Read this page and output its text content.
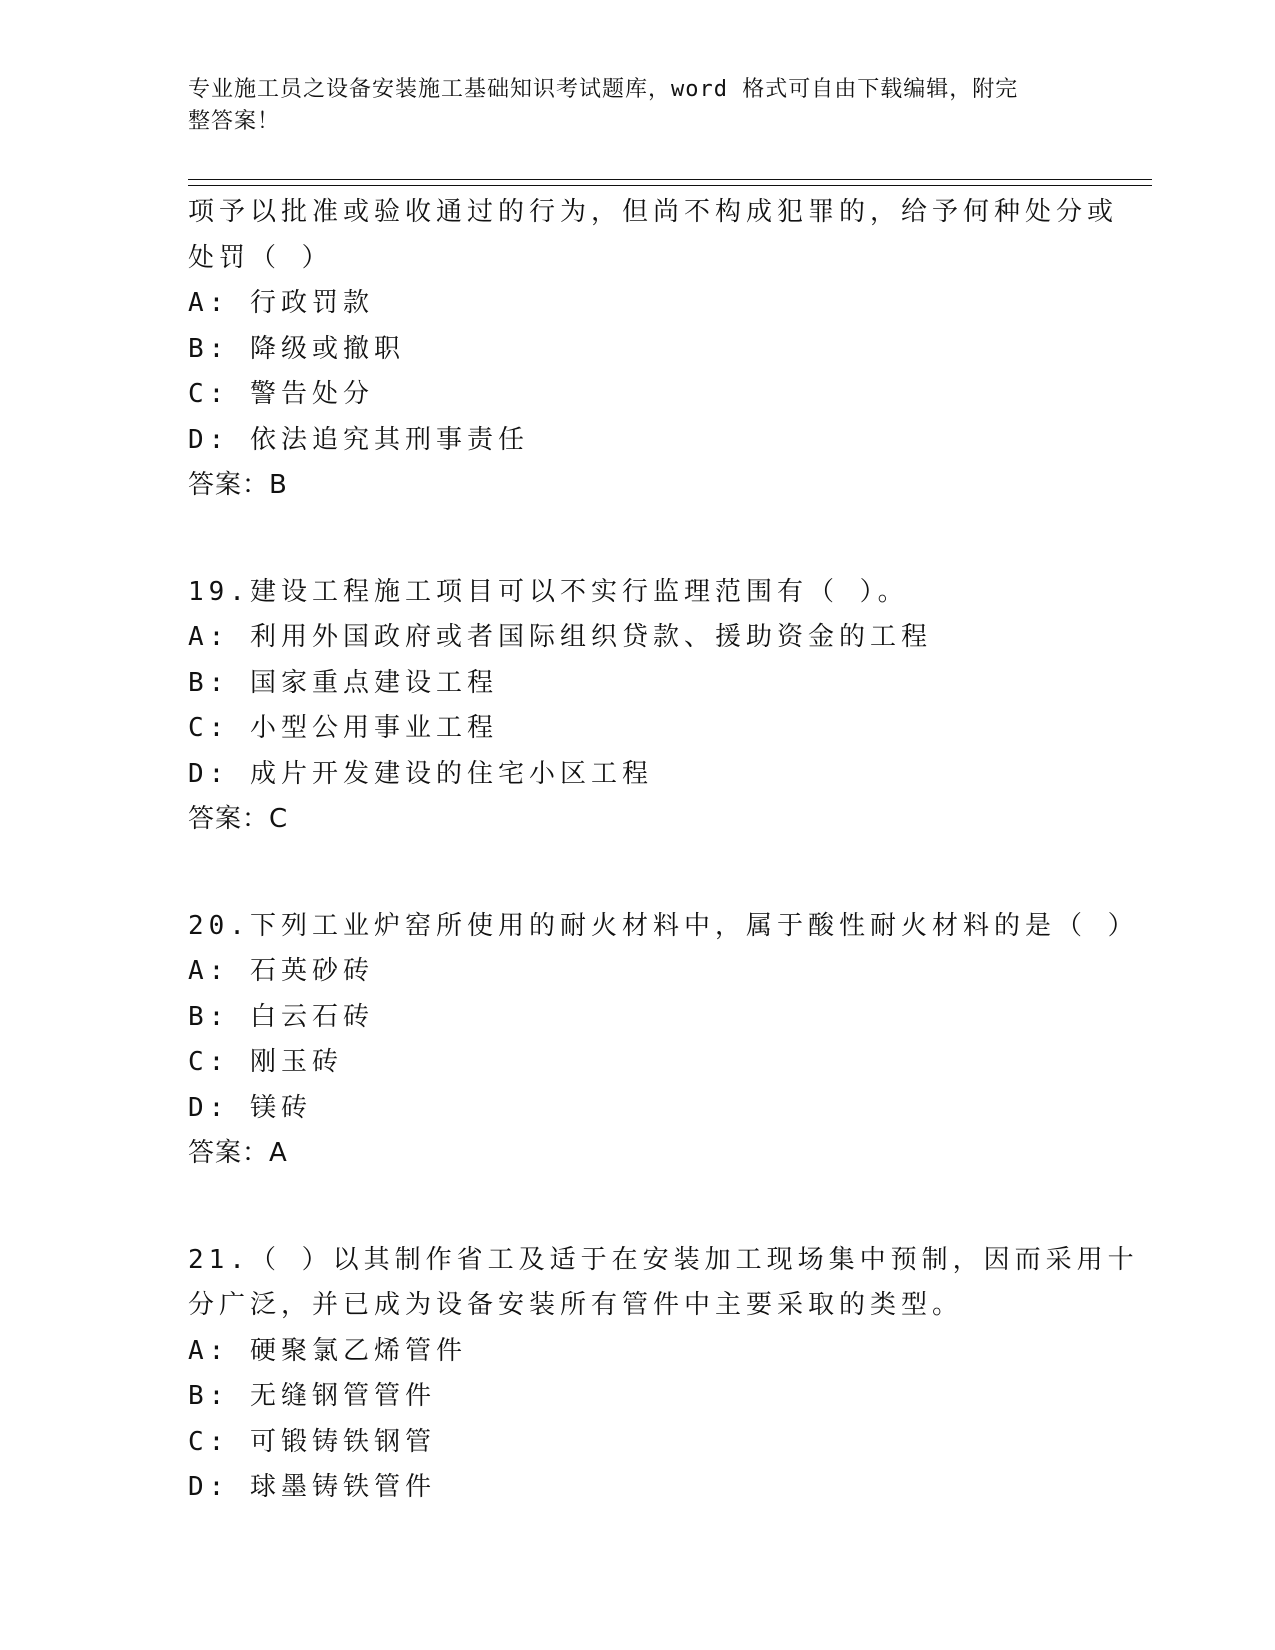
专业施工员之设备安装施工基础知识考试题库，word 格式可自由下载编辑，附完
整答案！
项予以批准或验收通过的行为，但尚不构成犯罪的，给予何种处分或
处罚（ ）
A: 行政罚款
B: 降级或撤职
C: 警告处分
D: 依法追究其刑事责任
答案：B
19.建设工程施工项目可以不实行监理范围有（ ）。
A: 利用外国政府或者国际组织贷款、援助资金的工程
B: 国家重点建设工程
C: 小型公用事业工程
D: 成片开发建设的住宅小区工程
答案：C
20.下列工业炉窑所使用的耐火材料中，属于酸性耐火材料的是（ ）
A: 石英砂砖
B: 白云石砖
C: 刚玉砖
D: 镁砖
答案：A
21.（ ）以其制作省工及适于在安装加工现场集中预制，因而采用十
分广泛，并已成为设备安装所有管件中主要采取的类型。
A: 硬聚氯乙烯管件
B: 无缝钢管管件
C: 可锻铸铁钢管
D: 球墨铸铁管件
